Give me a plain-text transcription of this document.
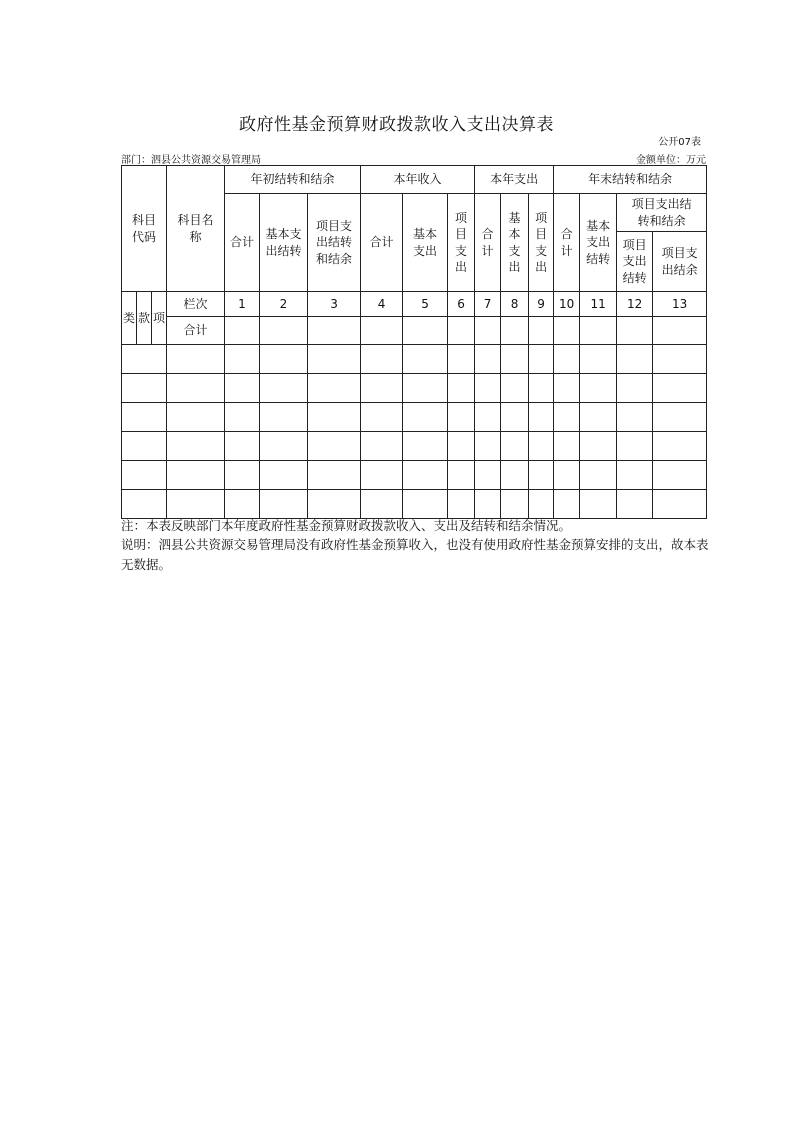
政府性基金预算财政拨款收入支出决算表
公开07表
部门：泗县公共资源交易管理局	金额单位：万元
科目代码			科目名称	年初结转和结余			本年收入			本年支出			年末结转和结余			
				合计	基本支出结转	项目支出结转和结余	合计	基本支出	项目支出	合计	基本支出	项目支出	合计	基本支出结转	项目支出结转和结余	
															项目支出结转	项目支出结余

类	款	项	栏次	1	2	3	4	5	6	7	8	9	10	11	12	13
			合计													

注：本表反映部门本年度政府性基金预算财政拨款收入、支出及结转和结余情况。
说明：泗县公共资源交易管理局没有政府性基金预算收入，也没有使用政府性基金预算安排的支出，故本表无数据。
